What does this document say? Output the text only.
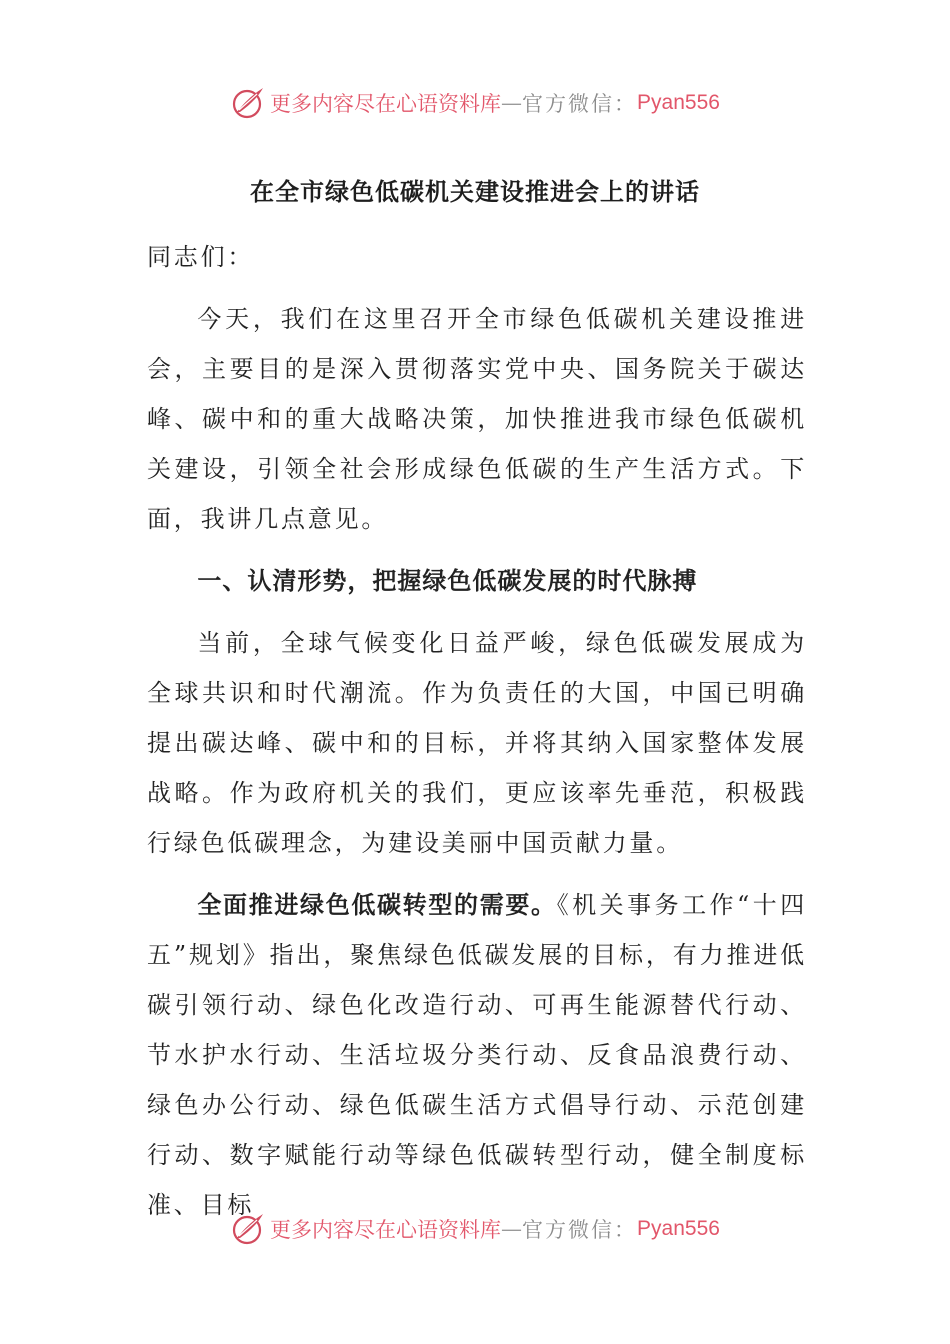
更多内容尽在心语资料库 — 官方微信： Pyan556
在全市绿色低碳机关建设推进会上的讲话

同志们：

今天，我们在这里召开全市绿色低碳机关建设推进会，主要目的是深入贯彻落实党中央、国务院关于碳达峰、碳中和的重大战略决策，加快推进我市绿色低碳机关建设，引领全社会形成绿色低碳的生产生活方式。下面，我讲几点意见。

一、认清形势，把握绿色低碳发展的时代脉搏

当前，全球气候变化日益严峻，绿色低碳发展成为全球共识和时代潮流。作为负责任的大国，中国已明确提出碳达峰、碳中和的目标，并将其纳入国家整体发展战略。作为政府机关的我们，更应该率先垂范，积极践行绿色低碳理念，为建设美丽中国贡献力量。

全面推进绿色低碳转型的需要。《机关事务工作“十四五”规划》指出，聚焦绿色低碳发展的目标，有力推进低碳引领行动、绿色化改造行动、可再生能源替代行动、节水护水行动、生活垃圾分类行动、反食品浪费行动、绿色办公行动、绿色低碳生活方式倡导行动、示范创建行动、数字赋能行动等绿色低碳转型行动，健全制度标准、目标

更多内容尽在心语资料库 — 官方微信： Pyan556
